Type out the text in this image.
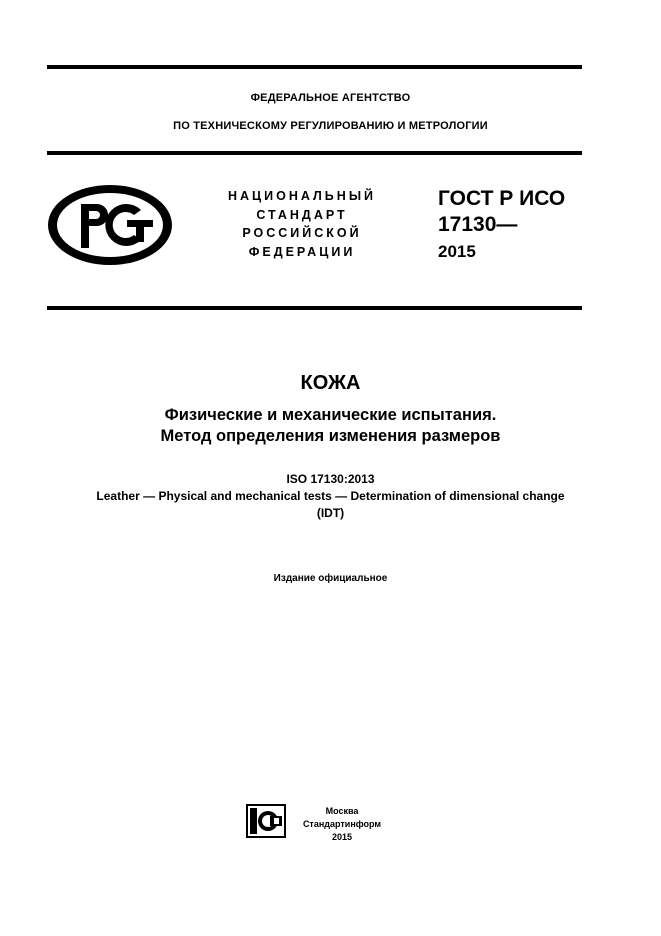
ФЕДЕРАЛЬНОЕ АГЕНТСТВО
ПО ТЕХНИЧЕСКОМУ РЕГУЛИРОВАНИЮ И МЕТРОЛОГИИ
НАЦИОНАЛЬНЫЙ
СТАНДАРТ
РОССИЙСКОЙ
ФЕДЕРАЦИИ
ГОСТ Р ИСО
17130—
2015
КОЖА
Физические и механические испытания.
Метод определения изменения размеров
ISO 17130:2013
Leather — Physical and mechanical tests — Determination of dimensional change
(IDT)
Издание официальное
Москва
Стандартинформ
2015
